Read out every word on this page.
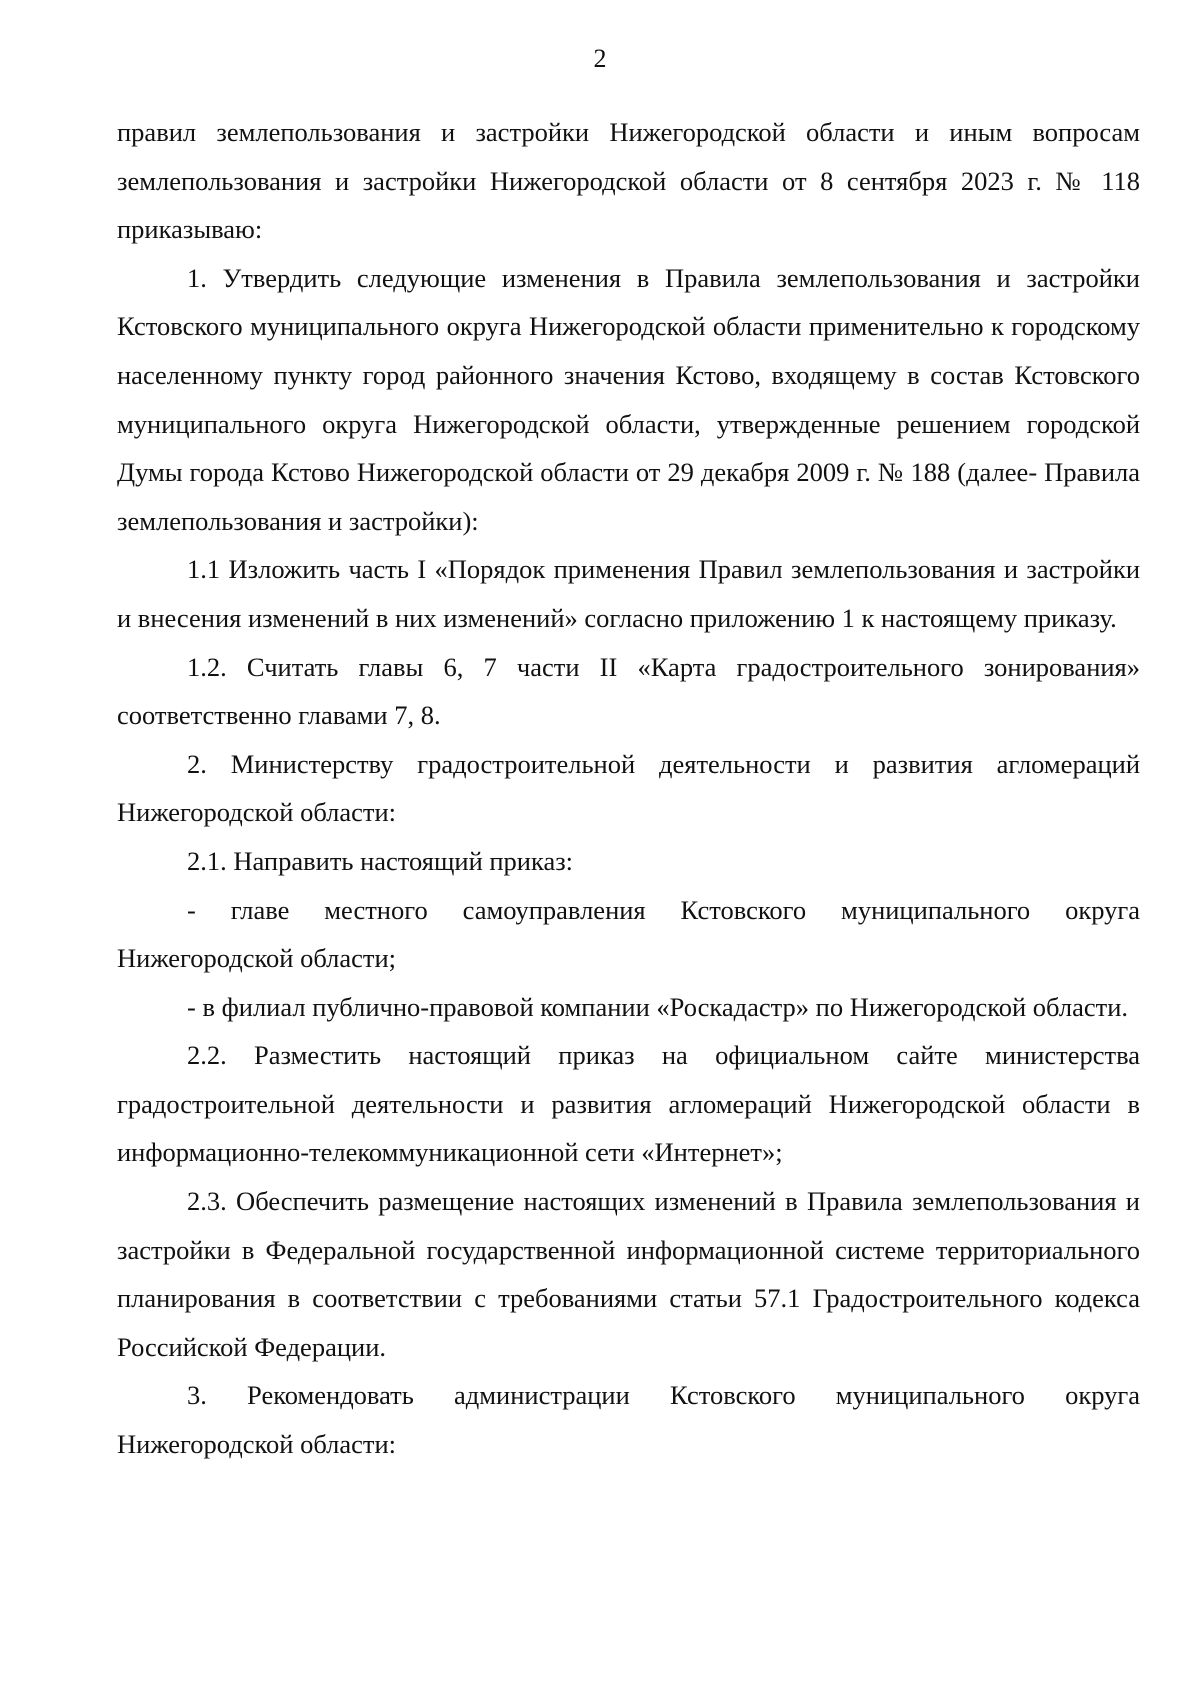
2

правил землепользования и застройки Нижегородской области и иным вопросам землепользования и застройки Нижегородской области от 8 сентября 2023 г. № 118 приказываю:

1. Утвердить следующие изменения в Правила землепользования и застройки Кстовского муниципального округа Нижегородской области применительно к городскому населенному пункту город районного значения Кстово, входящему в состав Кстовского муниципального округа Нижегородской области, утвержденные решением городской Думы города Кстово Нижегородской области от 29 декабря 2009 г. № 188 (далее- Правила землепользования и застройки):

1.1 Изложить часть I «Порядок применения Правил землепользования и застройки и внесения изменений в них изменений» согласно приложению 1 к настоящему приказу.

1.2. Считать главы 6, 7 части II «Карта градостроительного зонирования» соответственно главами 7, 8.

2. Министерству градостроительной деятельности и развития агломераций Нижегородской области:

2.1. Направить настоящий приказ:

- главе местного самоуправления Кстовского муниципального округа Нижегородской области;

- в филиал публично-правовой компании «Роскадастр» по Нижегородской области.

2.2. Разместить настоящий приказ на официальном сайте министерства градостроительной деятельности и развития агломераций Нижегородской области в информационно-телекоммуникационной сети «Интернет»;

2.3. Обеспечить размещение настоящих изменений в Правила землепользования и застройки в Федеральной государственной информационной системе территориального планирования в соответствии с требованиями статьи 57.1 Градостроительного кодекса Российской Федерации.

3. Рекомендовать администрации Кстовского муниципального округа Нижегородской области:
